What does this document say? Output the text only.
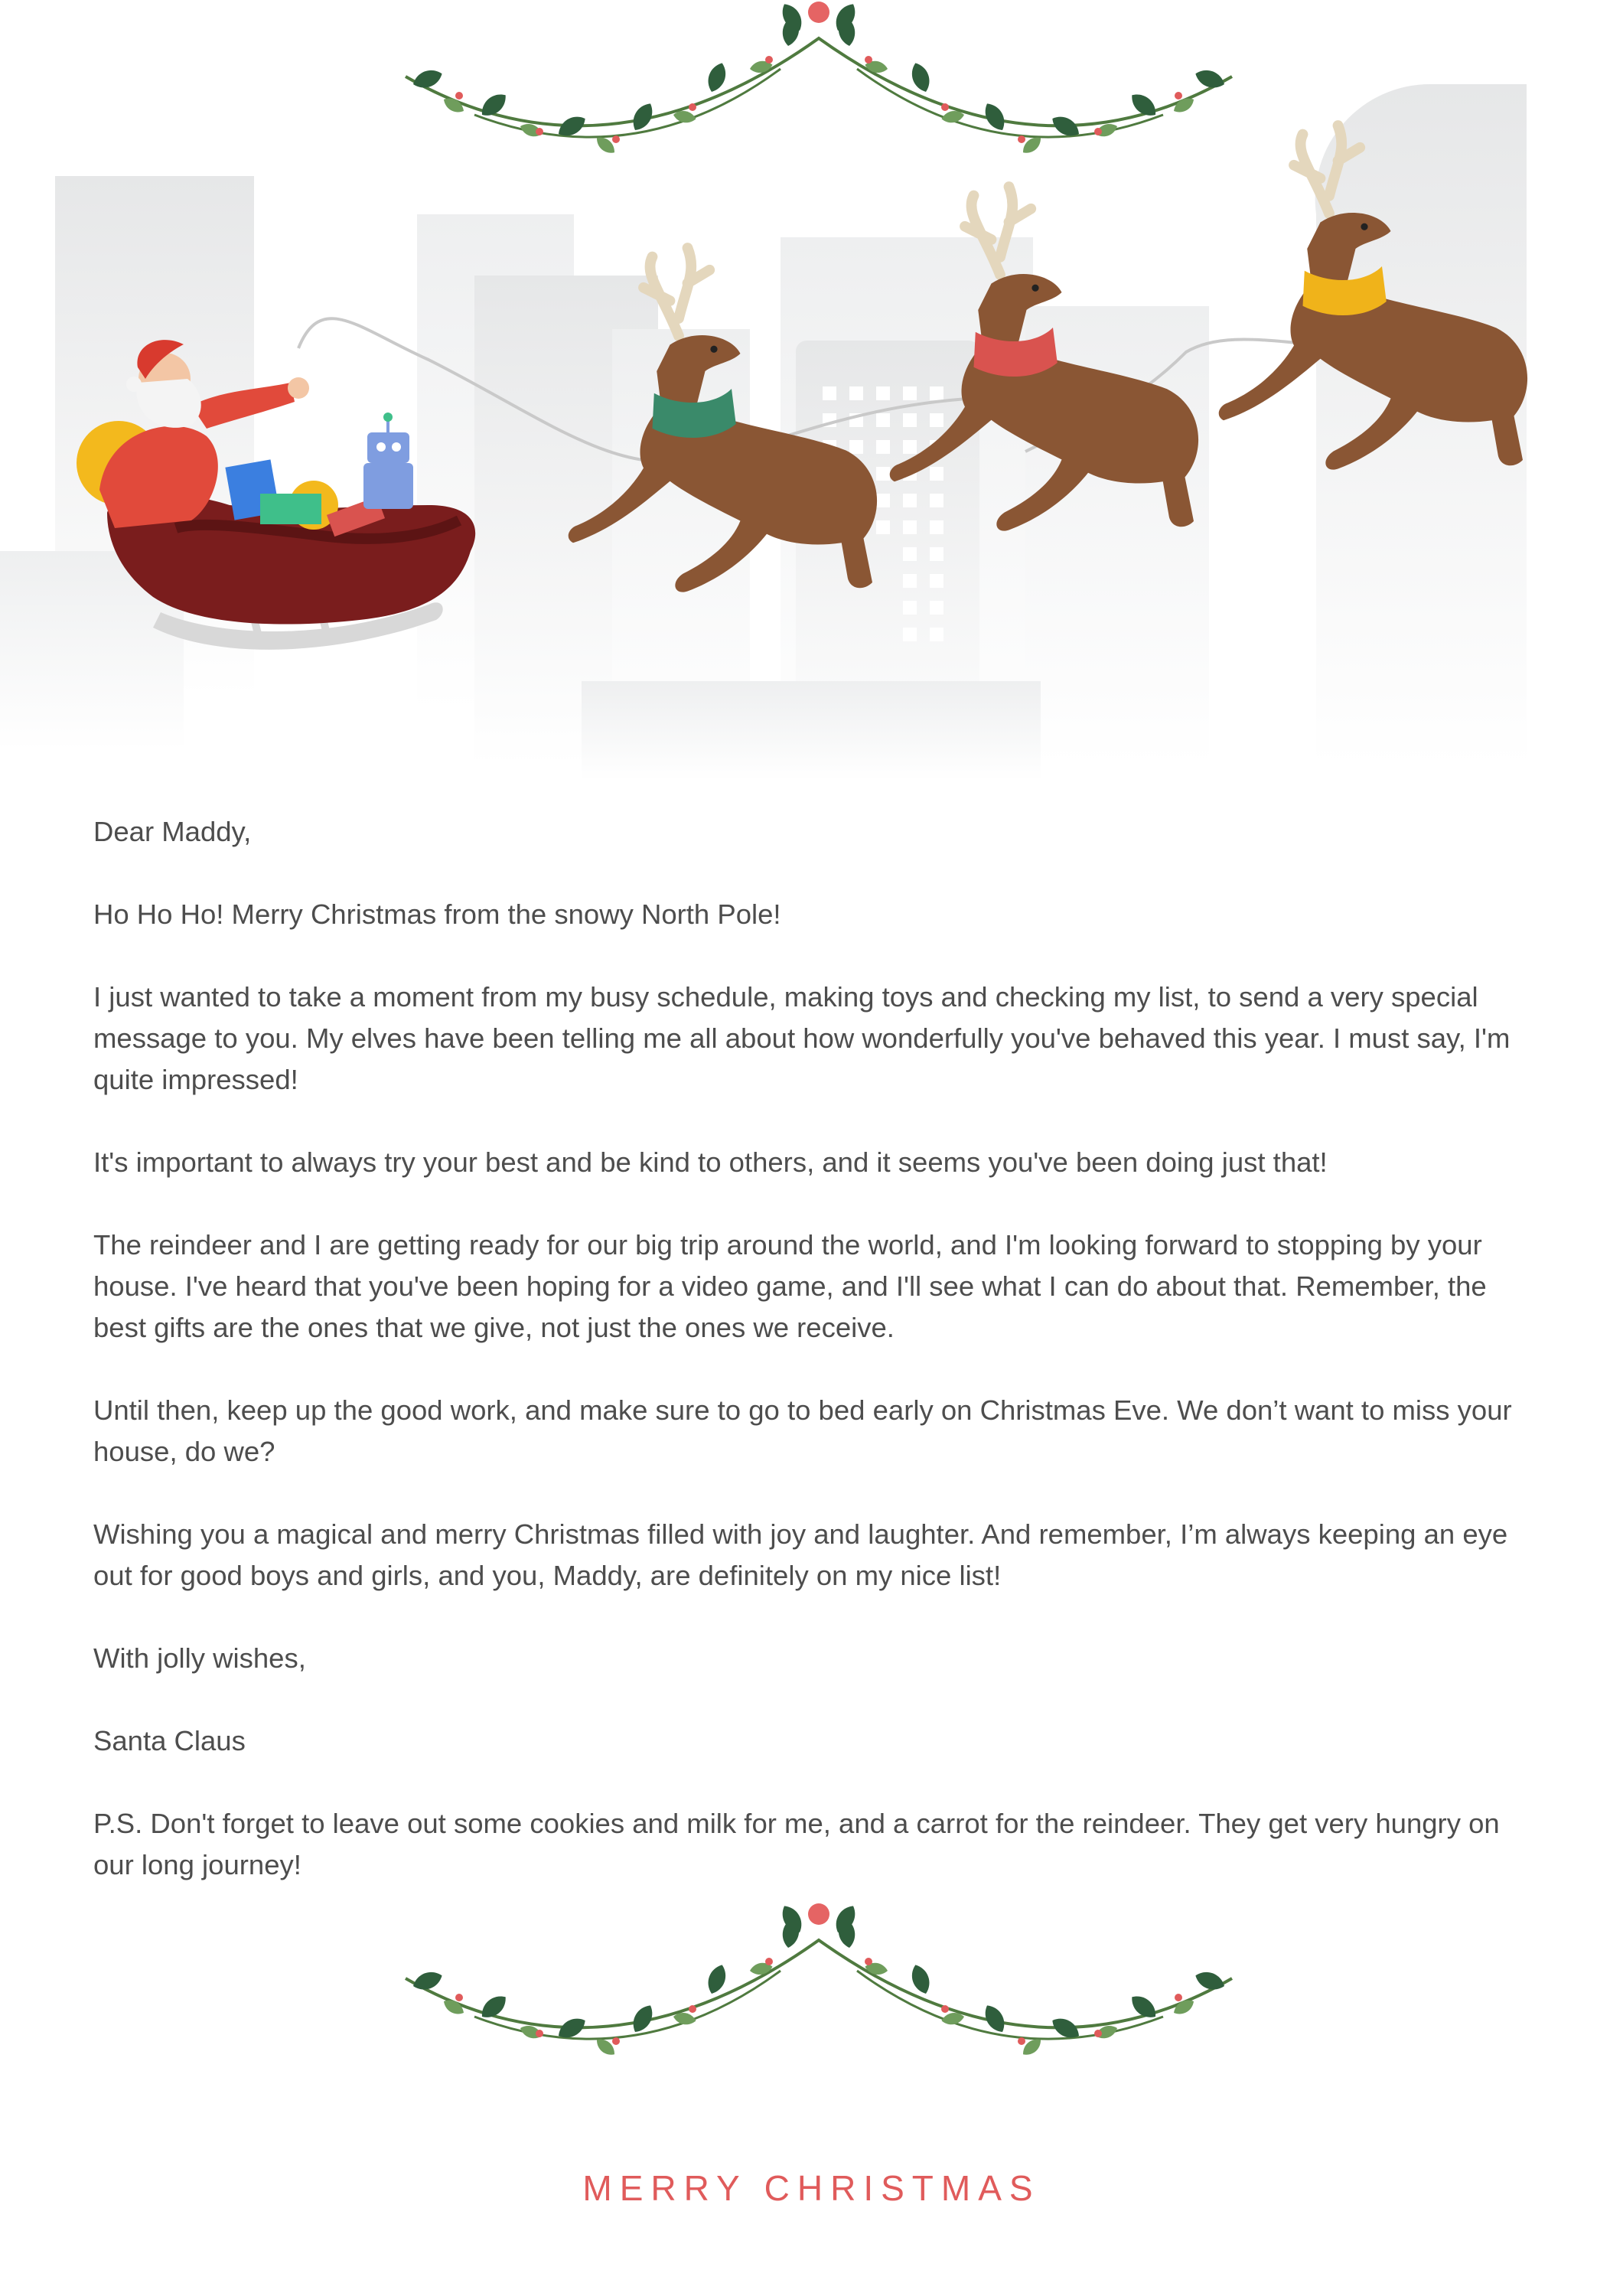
Dear Maddy,

Ho Ho Ho! Merry Christmas from the snowy North Pole!

I just wanted to take a moment from my busy schedule, making toys and checking my list, to send a very special message to you. My elves have been telling me all about how wonderfully you've behaved this year. I must say, I'm quite impressed!

It's important to always try your best and be kind to others, and it seems you've been doing just that!

The reindeer and I are getting ready for our big trip around the world, and I'm looking forward to stopping by your house. I've heard that you've been hoping for a video game, and I'll see what I can do about that. Remember, the best gifts are the ones that we give, not just the ones we receive.

Until then, keep up the good work, and make sure to go to bed early on Christmas Eve. We don’t want to miss your house, do we?

Wishing you a magical and merry Christmas filled with joy and laughter. And remember, I’m always keeping an eye out for good boys and girls, and you, Maddy, are definitely on my nice list!

With jolly wishes,

Santa Claus

P.S. Don't forget to leave out some cookies and milk for me, and a carrot for the reindeer. They get very hungry on our long journey!

MERRY CHRISTMAS
